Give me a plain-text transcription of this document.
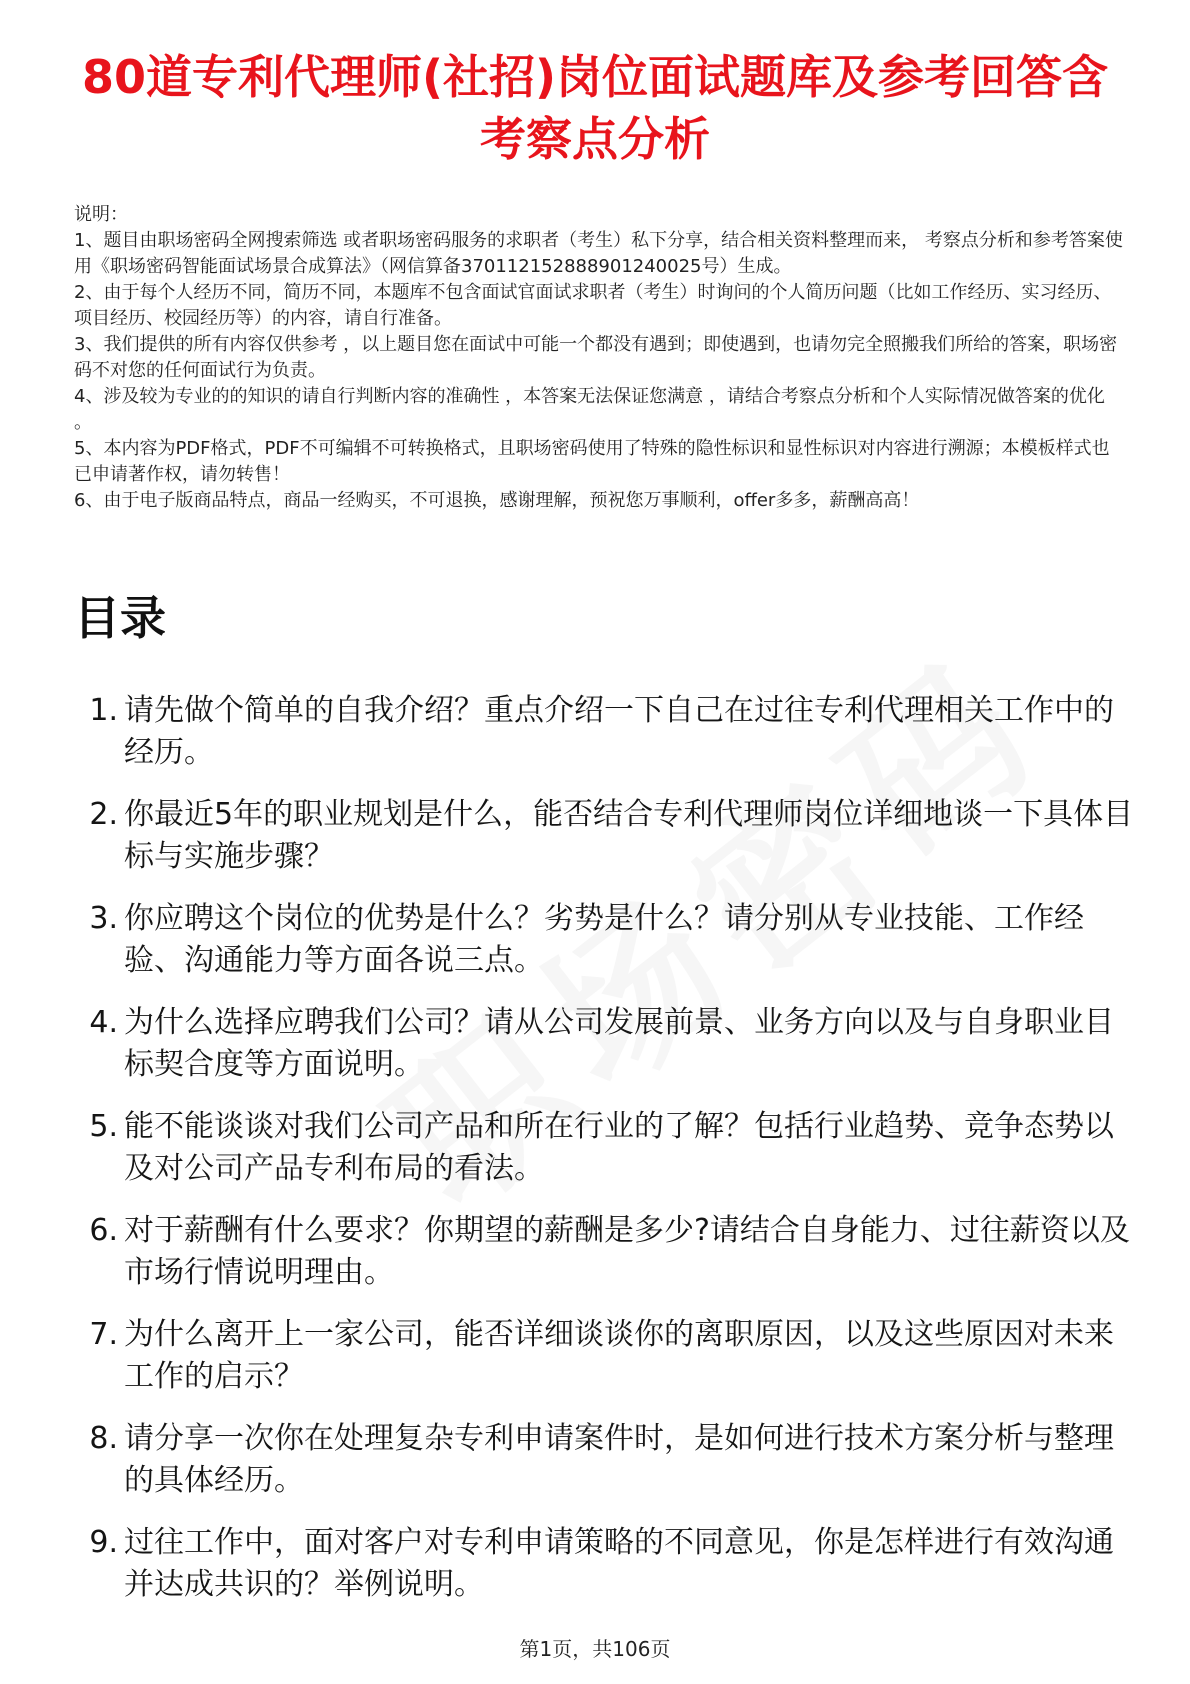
80道专利代理师(社招)岗位面试题库及参考回答含考察点分析
说明：
1、题目由职场密码全网搜索筛选 或者职场密码服务的求职者（考生）私下分享，结合相关资料整理而来， 考察点分析和参考答案使用《职场密码智能面试场景合成算法》（网信算备370112152888901240025号）生成。
2、由于每个人经历不同，简历不同，本题库不包含面试官面试求职者（考生）时询问的个人简历问题（比如工作经历、实习经历、项目经历、校园经历等）的内容，请自行准备。
3、我们提供的所有内容仅供参考 ，以上题目您在面试中可能一个都没有遇到；即使遇到，也请勿完全照搬我们所给的答案，职场密码不对您的任何面试行为负责。
4、涉及较为专业的的知识的请自行判断内容的准确性 ，本答案无法保证您满意 ，请结合考察点分析和个人实际情况做答案的优化 。
5、本内容为PDF格式，PDF不可编辑不可转换格式，且职场密码使用了特殊的隐性标识和显性标识对内容进行溯源；本模板样式也已申请著作权，请勿转售！
6、由于电子版商品特点，商品一经购买，不可退换，感谢理解，预祝您万事顺利，offer多多，薪酬高高！
目录
1. 请先做个简单的自我介绍？重点介绍一下自己在过往专利代理相关工作中的经历。
2. 你最近5年的职业规划是什么，能否结合专利代理师岗位详细地谈一下具体目标与实施步骤？
3. 你应聘这个岗位的优势是什么？劣势是什么？请分别从专业技能、工作经验、沟通能力等方面各说三点。
4. 为什么选择应聘我们公司？请从公司发展前景、业务方向以及与自身职业目标契合度等方面说明。
5. 能不能谈谈对我们公司产品和所在行业的了解？包括行业趋势、竞争态势以及对公司产品专利布局的看法。
6. 对于薪酬有什么要求？你期望的薪酬是多少?请结合自身能力、过往薪资以及市场行情说明理由。
7. 为什么离开上一家公司，能否详细谈谈你的离职原因，以及这些原因对未来工作的启示？
8. 请分享一次你在处理复杂专利申请案件时，是如何进行技术方案分析与整理的具体经历。
9. 过往工作中，面对客户对专利申请策略的不同意见，你是怎样进行有效沟通并达成共识的？举例说明。
第1页，共106页
